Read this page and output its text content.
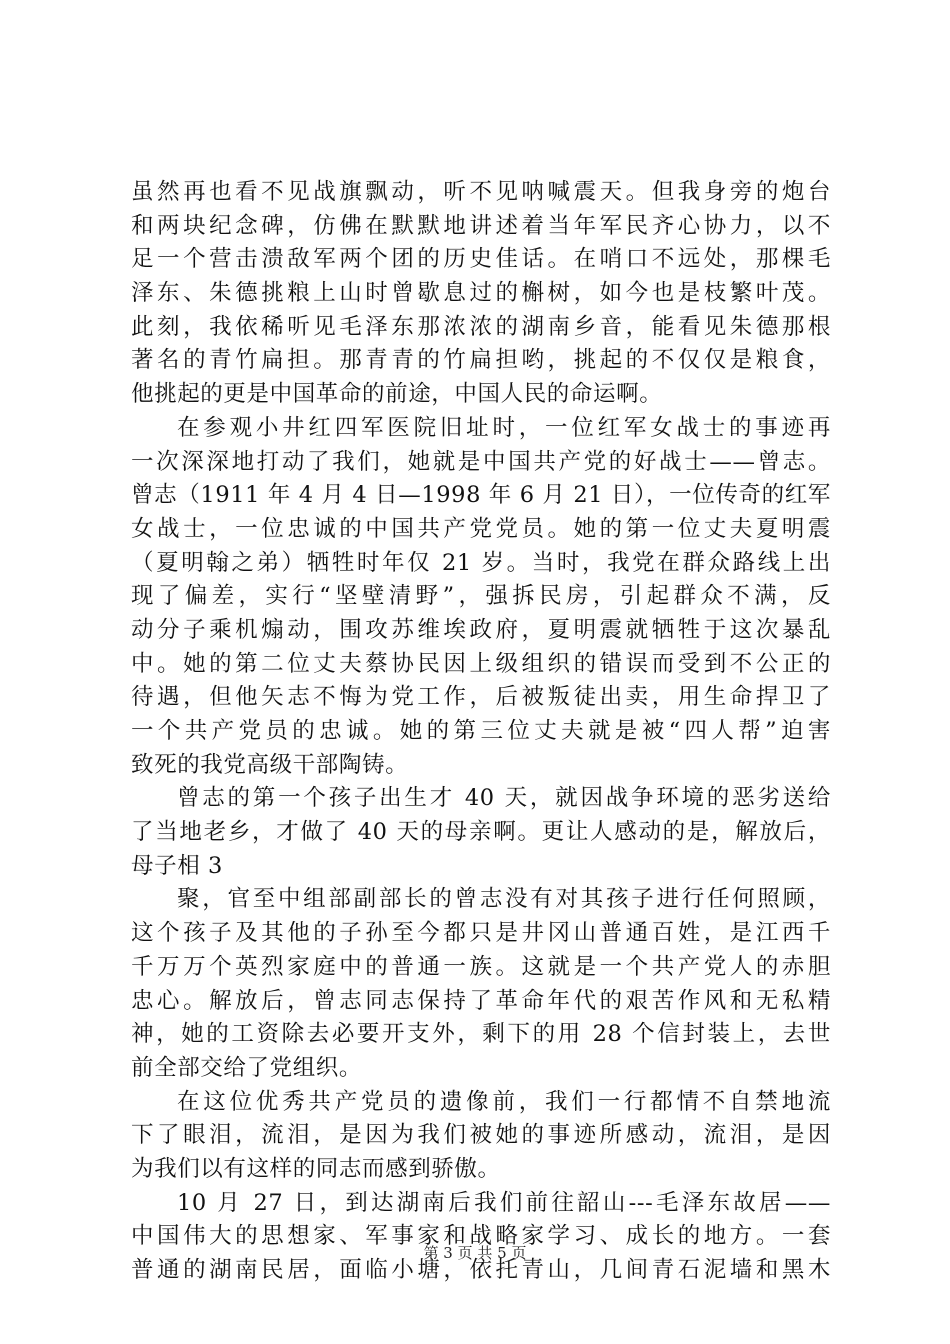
虽然再也看不见战旗飘动，听不见呐喊震天。但我身旁的炮台
和两块纪念碑，仿佛在默默地讲述着当年军民齐心协力，以不
足一个营击溃敌军两个团的历史佳话。在哨口不远处，那棵毛
泽东、朱德挑粮上山时曾歇息过的槲树，如今也是枝繁叶茂。
此刻，我依稀听见毛泽东那浓浓的湖南乡音，能看见朱德那根
著名的青竹扁担。那青青的竹扁担哟，挑起的不仅仅是粮食，
他挑起的更是中国革命的前途，中国人民的命运啊。
在参观小井红四军医院旧址时，一位红军女战士的事迹再
一次深深地打动了我们，她就是中国共产党的好战士——曾志。
曾志（1911 年 4 月 4 日—1998 年 6 月 21 日），一位传奇的红军
女战士，一位忠诚的中国共产党党员。她的第一位丈夫夏明震
（夏明翰之弟）牺牲时年仅 21 岁。当时，我党在群众路线上出
现了偏差，实行“坚壁清野”，强拆民房，引起群众不满，反
动分子乘机煽动，围攻苏维埃政府，夏明震就牺牲于这次暴乱
中。她的第二位丈夫蔡协民因上级组织的错误而受到不公正的
待遇，但他矢志不悔为党工作，后被叛徒出卖，用生命捍卫了
一个共产党员的忠诚。她的第三位丈夫就是被“四人帮”迫害
致死的我党高级干部陶铸。
曾志的第一个孩子出生才 40 天，就因战争环境的恶劣送给
了当地老乡，才做了 40 天的母亲啊。更让人感动的是，解放后，
母子相 3
聚，官至中组部副部长的曾志没有对其孩子进行任何照顾，
这个孩子及其他的子孙至今都只是井冈山普通百姓，是江西千
千万万个英烈家庭中的普通一族。这就是一个共产党人的赤胆
忠心。解放后，曾志同志保持了革命年代的艰苦作风和无私精
神，她的工资除去必要开支外，剩下的用 28 个信封装上，去世
前全部交给了党组织。
在这位优秀共产党员的遗像前，我们一行都情不自禁地流
下了眼泪，流泪，是因为我们被她的事迹所感动，流泪，是因
为我们以有这样的同志而感到骄傲。
10 月 27 日，到达湖南后我们前往韶山---毛泽东故居——
中国伟大的思想家、军事家和战略家学习、成长的地方。一套
普通的湖南民居，面临小塘，依托青山，几间青石泥墙和黑木
第 3 页 共 5 页
